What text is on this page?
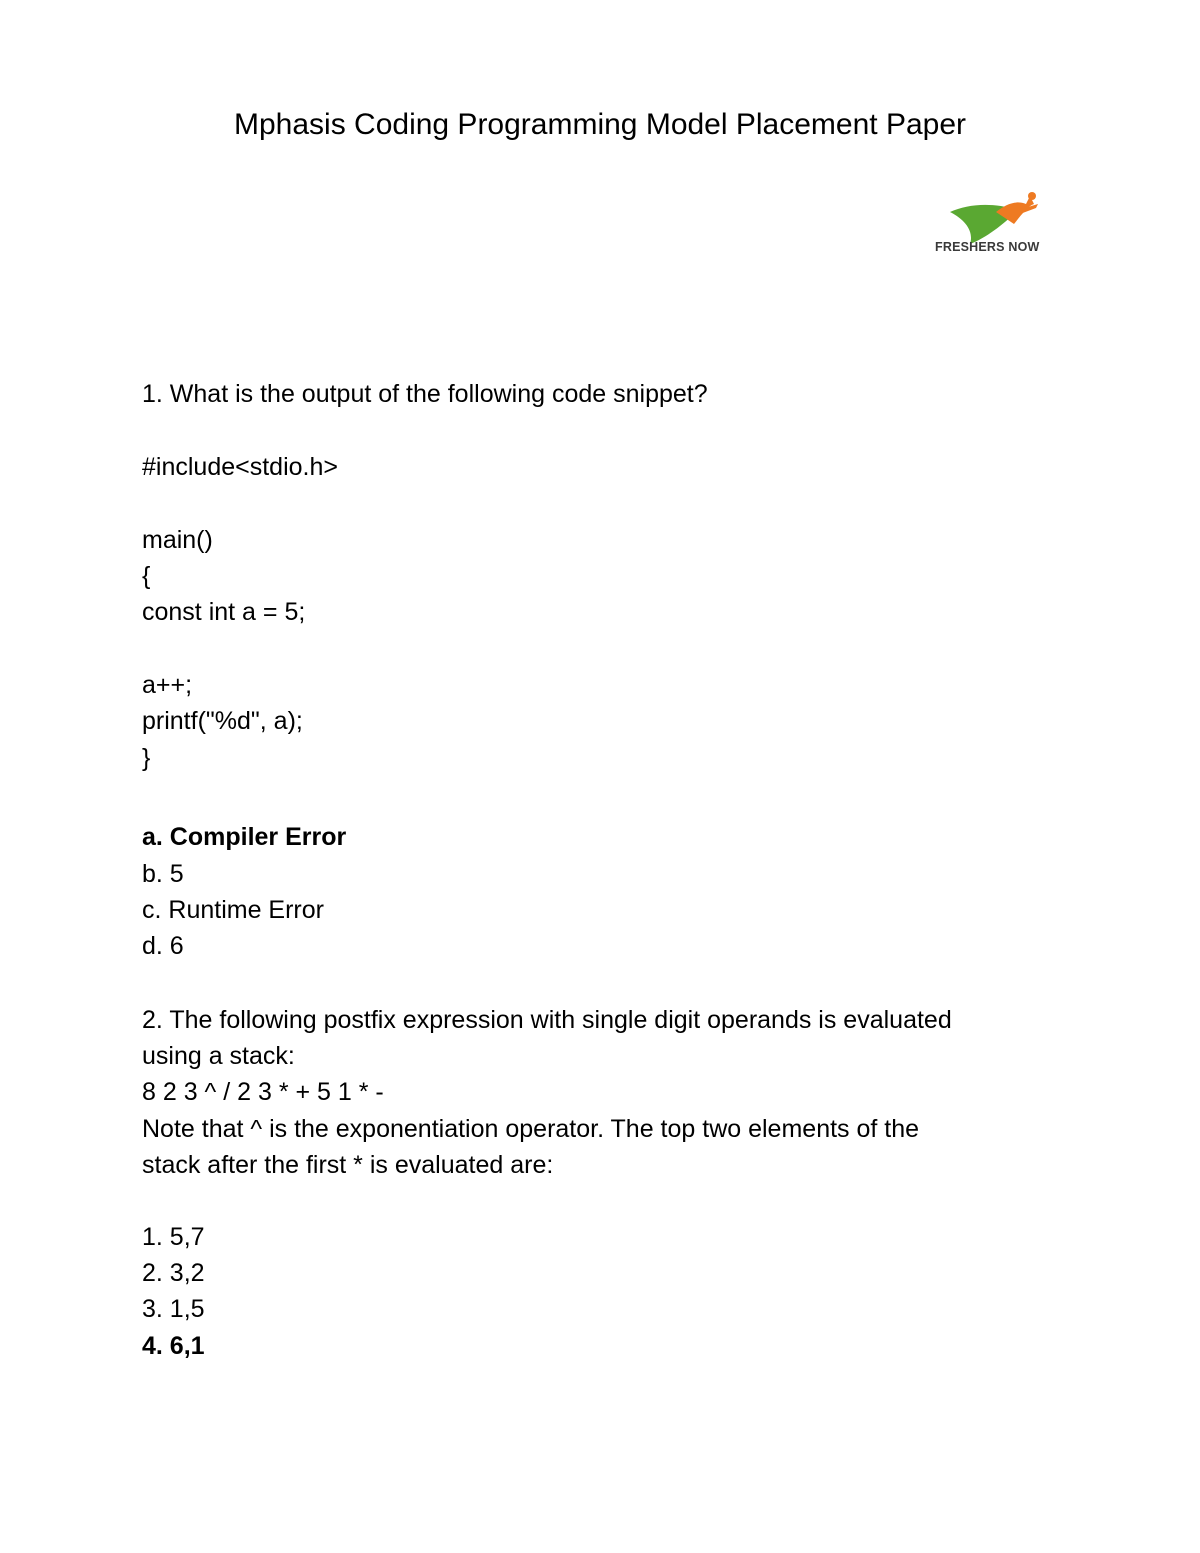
Mphasis Coding Programming Model Placement Paper
FRESHERS NOW
1. What is the output of the following code snippet?
#include<stdio.h>
main()
{
const int a = 5;
a++;
printf("%d", a);
}
a. Compiler Error
b. 5
c. Runtime Error
d. 6
2. The following postfix expression with single digit operands is evaluated
using a stack:
8 2 3 ^ / 2 3 * + 5 1 * -
Note that ^ is the exponentiation operator. The top two elements of the
stack after the first * is evaluated are:
1. 5,7
2. 3,2
3. 1,5
4. 6,1
